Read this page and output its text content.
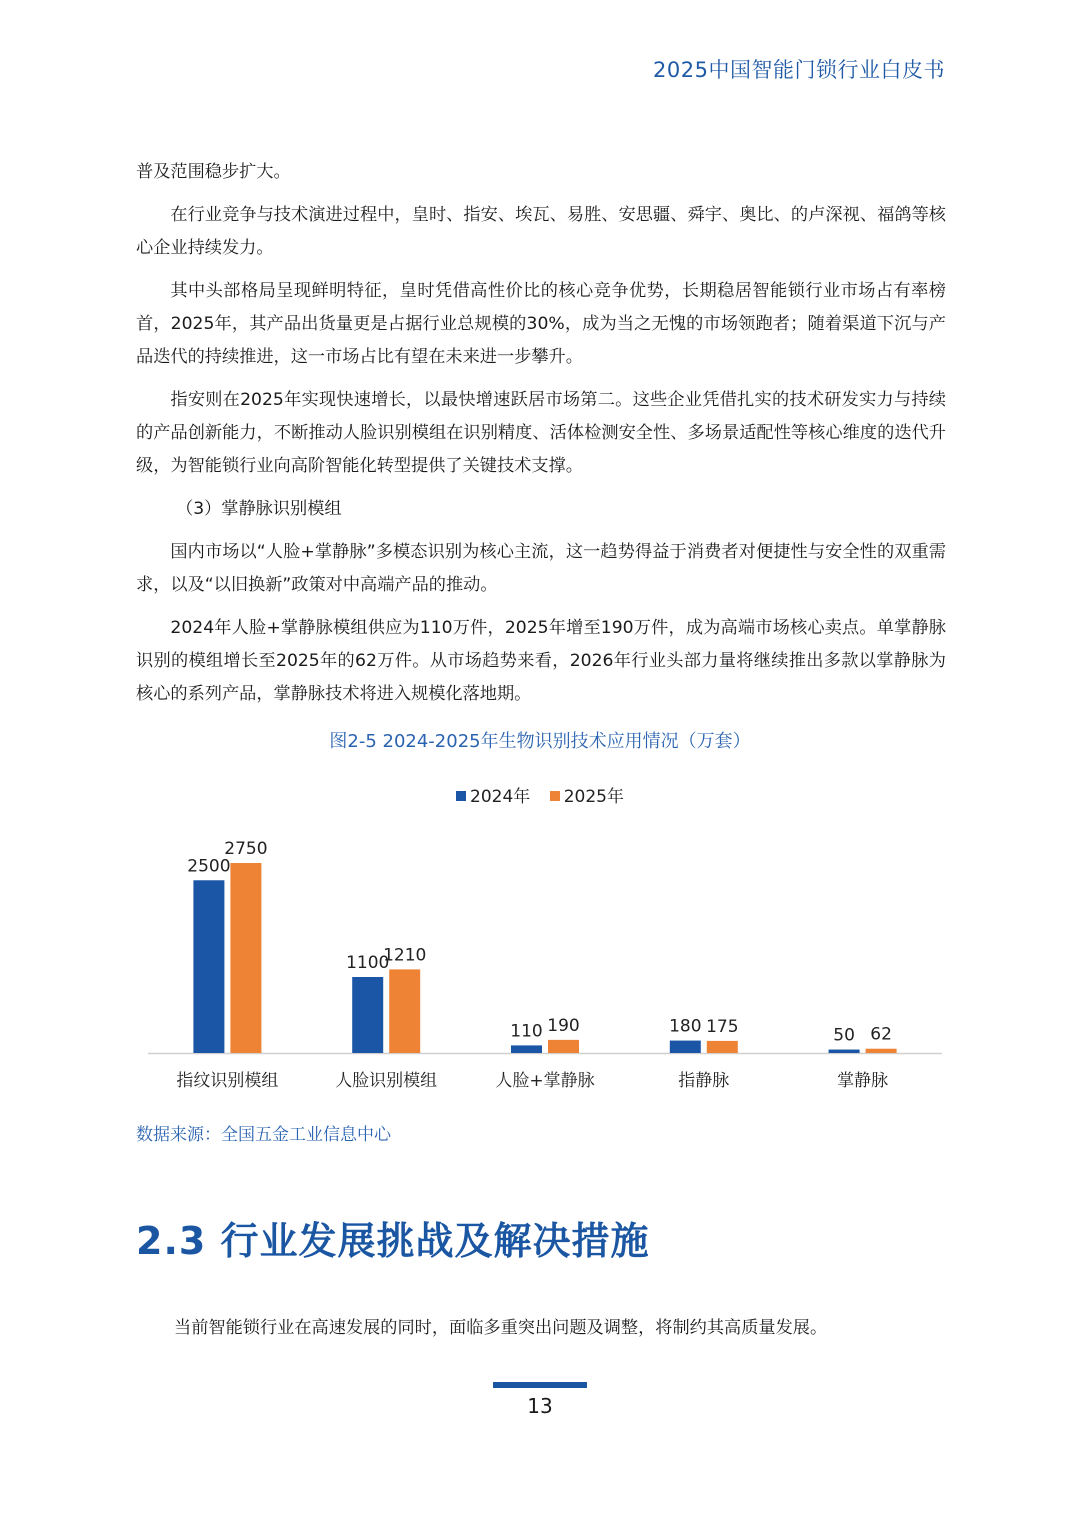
2025中国智能门锁行业白皮书

普及范围稳步扩大。

在行业竞争与技术演进过程中，皇时、指安、埃瓦、易胜、安思疆、舜宇、奥比、的卢深视、福鸽等核心企业持续发力。

其中头部格局呈现鲜明特征，皇时凭借高性价比的核心竞争优势，长期稳居智能锁行业市场占有率榜首，2025年，其产品出货量更是占据行业总规模的30%，成为当之无愧的市场领跑者；随着渠道下沉与产品迭代的持续推进，这一市场占比有望在未来进一步攀升。

指安则在2025年实现快速增长，以最快增速跃居市场第二。这些企业凭借扎实的技术研发实力与持续的产品创新能力，不断推动人脸识别模组在识别精度、活体检测安全性、多场景适配性等核心维度的迭代升级，为智能锁行业向高阶智能化转型提供了关键技术支撑。

（3）掌静脉识别模组

国内市场以“人脸+掌静脉”多模态识别为核心主流，这一趋势得益于消费者对便捷性与安全性的双重需求，以及“以旧换新”政策对中高端产品的推动。

2024年人脸+掌静脉模组供应为110万件，2025年增至190万件，成为高端市场核心卖点。单掌静脉识别的模组增长至2025年的62万件。从市场趋势来看，2026年行业头部力量将继续推出多款以掌静脉为核心的系列产品，掌静脉技术将进入规模化落地期。

图2-5 2024-2025年生物识别技术应用情况（万套）
2024年 2025年
2500
2750
指纹识别模组
1100
1210
人脸识别模组
110 190
人脸+掌静脉
180 175
指静脉
50 62
掌静脉
数据来源：全国五金工业信息中心
2.3 行业发展挑战及解决措施
当前智能锁行业在高速发展的同时，面临多重突出问题及调整，将制约其高质量发展。
13
